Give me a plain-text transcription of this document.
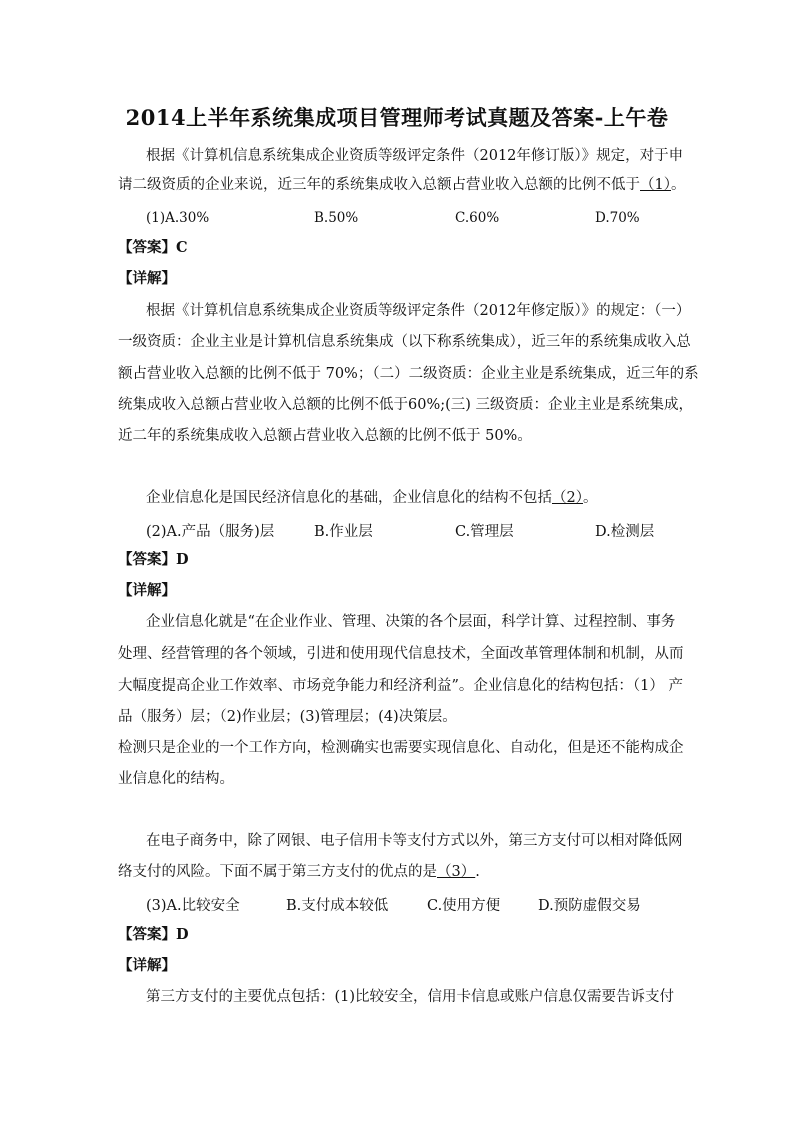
2014上半年系统集成项目管理师考试真题及答案-上午卷
根据《计算机信息系统集成企业资质等级评定条件（2012年修订版）》规定，对于申
请二级资质的企业来说，近三年的系统集成收入总额占营业收入总额的比例不低于（1）。
(1)A.30%	B.50%	C.60%	D.70%
【答案】C
【详解】
根据《计算机信息系统集成企业资质等级评定条件（2012年修定版）》的规定：（一）
一级资质：企业主业是计算机信息系统集成（以下称系统集成），近三年的系统集成收入总
额占营业收入总额的比例不低于 70%；（二）二级资质：企业主业是系统集成，近三年的系
统集成收入总额占营业收入总额的比例不低于60%;(三) 三级资质：企业主业是系统集成，
近二年的系统集成收入总额占营业收入总额的比例不低于 50%。
企业信息化是国民经济信息化的基础，企业信息化的结构不包括（2）。
(2)A.产品（服务)层	B.作业层	C.管理层	D.检测层
【答案】D
【详解】
企业信息化就是“在企业作业、管理、决策的各个层面，科学计算、过程控制、事务
处理、经营管理的各个领域，引进和使用现代信息技术，全面改革管理体制和机制，从而
大幅度提高企业工作效率、市场竞争能力和经济利益”。企业信息化的结构包括：（1） 产
品（服务）层；（2)作业层；(3)管理层；(4)决策层。
检测只是企业的一个工作方向，检测确实也需要实现信息化、自动化，但是还不能构成企
业信息化的结构。
在电子商务中，除了网银、电子信用卡等支付方式以外，第三方支付可以相对降低网
络支付的风险。下面不属于第三方支付的优点的是（3）.
(3)A.比较安全	B.支付成本较低	C.使用方便	D.预防虚假交易
【答案】D
【详解】
第三方支付的主要优点包括：(1)比较安全，信用卡信息或账户信息仅需要告诉支付
